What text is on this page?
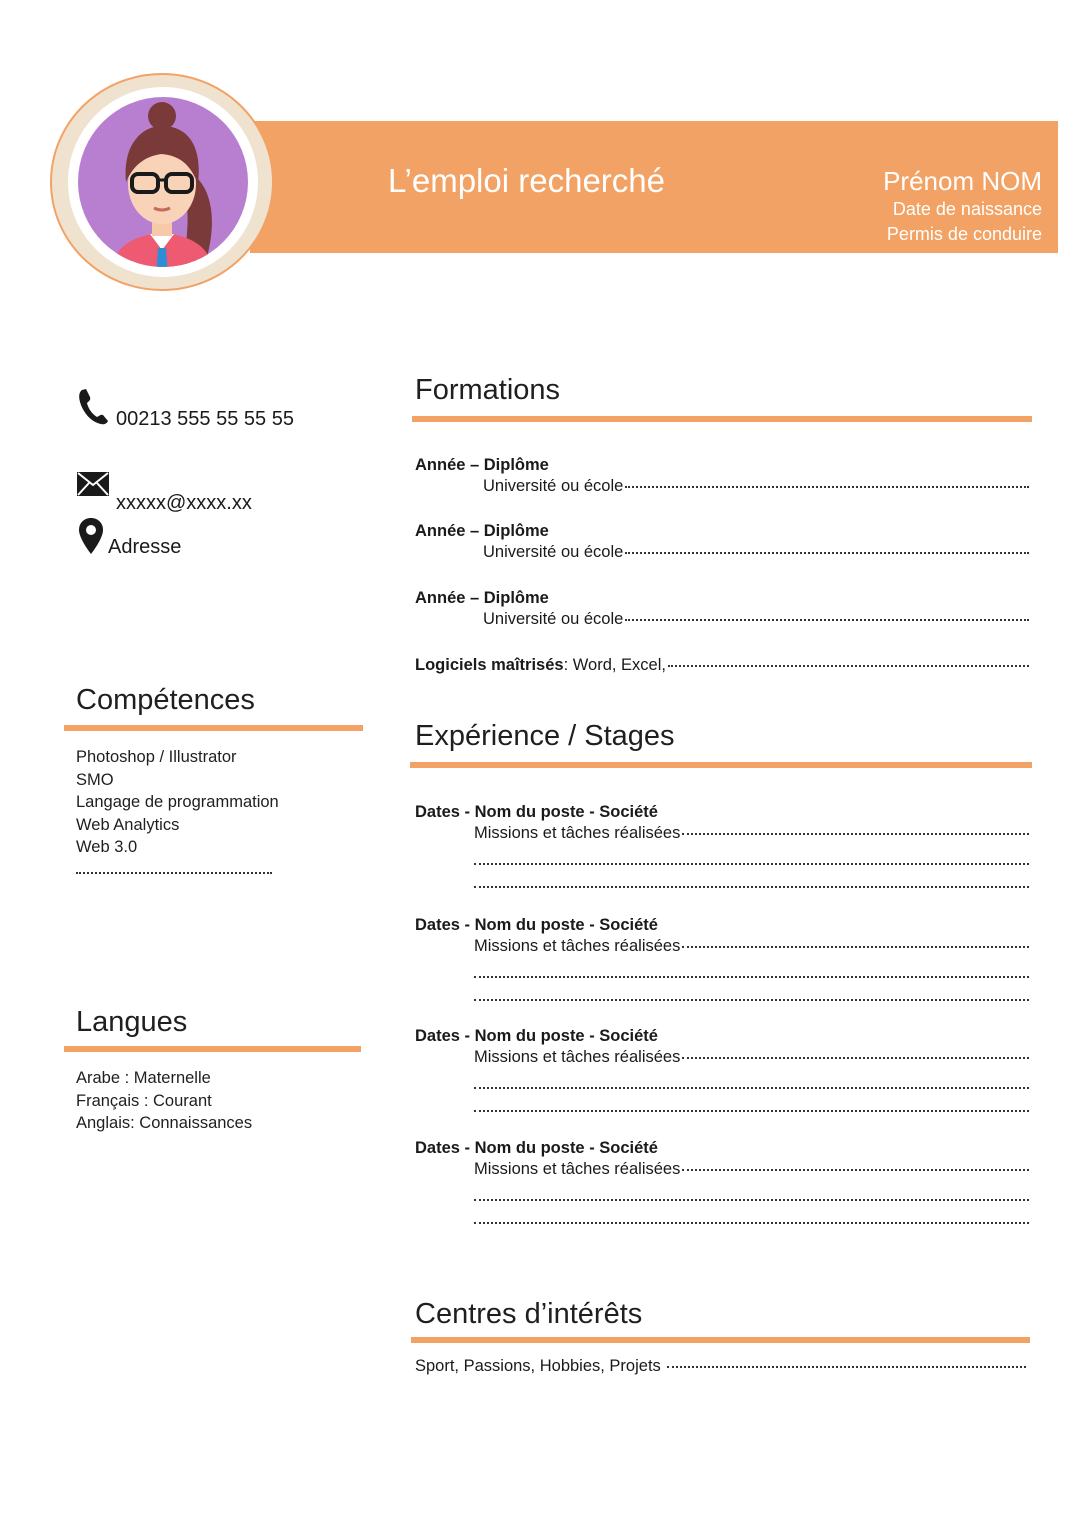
L’emploi recherché	Prénom NOM
Date de naissance
Permis de conduire
00213 555 55 55 55
xxxxx@xxxx.xx
Adresse
Compétences
Photoshop / Illustrator
SMO
Langage de programmation
Web Analytics
Web 3.0
Langues
Arabe : Maternelle
Français : Courant
Anglais: Connaissances
Formations
Année – Diplôme
Université ou école
Année – Diplôme
Université ou école
Année – Diplôme
Université ou école
Logiciels maîtrisés : Word, Excel,
Expérience / Stages
Dates - Nom du poste - Société
Missions et tâches réalisées
Dates - Nom du poste - Société
Missions et tâches réalisées
Dates - Nom du poste - Société
Missions et tâches réalisées
Dates - Nom du poste - Société
Missions et tâches réalisées
Centres d’intérêts
Sport, Passions, Hobbies, Projets
